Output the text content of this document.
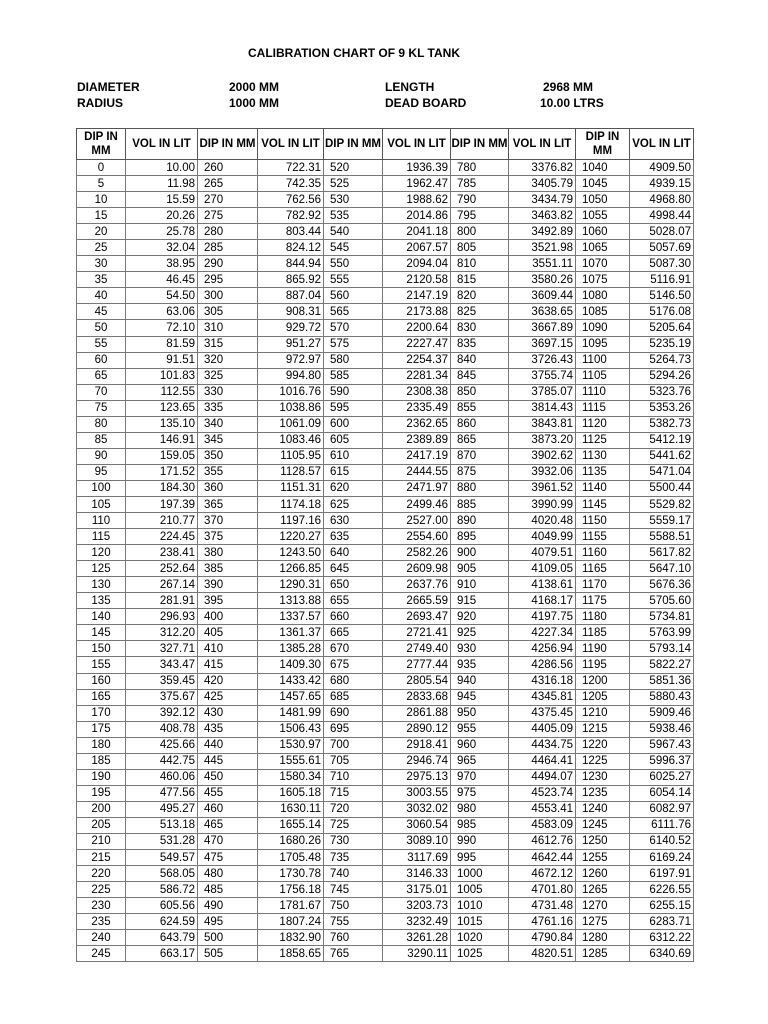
CALIBRATION CHART OF 9 KL TANK
DIAMETER	2000 MM	LENGTH	2968 MM
RADIUS	1000 MM	DEAD BOARD	10.00 LTRS
DIP IN MM	VOL IN LIT	DIP IN MM	VOL IN LIT	DIP IN MM	VOL IN LIT	DIP IN MM	VOL IN LIT	DIP IN MM	VOL IN LIT
0	10.00	260	722.31	520	1936.39	780	3376.82	1040	4909.50
5	11.98	265	742.35	525	1962.47	785	3405.79	1045	4939.15
10	15.59	270	762.56	530	1988.62	790	3434.79	1050	4968.80
15	20.26	275	782.92	535	2014.86	795	3463.82	1055	4998.44
20	25.78	280	803.44	540	2041.18	800	3492.89	1060	5028.07
25	32.04	285	824.12	545	2067.57	805	3521.98	1065	5057.69
30	38.95	290	844.94	550	2094.04	810	3551.11	1070	5087.30
35	46.45	295	865.92	555	2120.58	815	3580.26	1075	5116.91
40	54.50	300	887.04	560	2147.19	820	3609.44	1080	5146.50
45	63.06	305	908.31	565	2173.88	825	3638.65	1085	5176.08
50	72.10	310	929.72	570	2200.64	830	3667.89	1090	5205.64
55	81.59	315	951.27	575	2227.47	835	3697.15	1095	5235.19
60	91.51	320	972.97	580	2254.37	840	3726.43	1100	5264.73
65	101.83	325	994.80	585	2281.34	845	3755.74	1105	5294.26
70	112.55	330	1016.76	590	2308.38	850	3785.07	1110	5323.76
75	123.65	335	1038.86	595	2335.49	855	3814.43	1115	5353.26
80	135.10	340	1061.09	600	2362.65	860	3843.81	1120	5382.73
85	146.91	345	1083.46	605	2389.89	865	3873.20	1125	5412.19
90	159.05	350	1105.95	610	2417.19	870	3902.62	1130	5441.62
95	171.52	355	1128.57	615	2444.55	875	3932.06	1135	5471.04
100	184.30	360	1151.31	620	2471.97	880	3961.52	1140	5500.44
105	197.39	365	1174.18	625	2499.46	885	3990.99	1145	5529.82
110	210.77	370	1197.16	630	2527.00	890	4020.48	1150	5559.17
115	224.45	375	1220.27	635	2554.60	895	4049.99	1155	5588.51
120	238.41	380	1243.50	640	2582.26	900	4079.51	1160	5617.82
125	252.64	385	1266.85	645	2609.98	905	4109.05	1165	5647.10
130	267.14	390	1290.31	650	2637.76	910	4138.61	1170	5676.36
135	281.91	395	1313.88	655	2665.59	915	4168.17	1175	5705.60
140	296.93	400	1337.57	660	2693.47	920	4197.75	1180	5734.81
145	312.20	405	1361.37	665	2721.41	925	4227.34	1185	5763.99
150	327.71	410	1385.28	670	2749.40	930	4256.94	1190	5793.14
155	343.47	415	1409.30	675	2777.44	935	4286.56	1195	5822.27
160	359.45	420	1433.42	680	2805.54	940	4316.18	1200	5851.36
165	375.67	425	1457.65	685	2833.68	945	4345.81	1205	5880.43
170	392.12	430	1481.99	690	2861.88	950	4375.45	1210	5909.46
175	408.78	435	1506.43	695	2890.12	955	4405.09	1215	5938.46
180	425.66	440	1530.97	700	2918.41	960	4434.75	1220	5967.43
185	442.75	445	1555.61	705	2946.74	965	4464.41	1225	5996.37
190	460.06	450	1580.34	710	2975.13	970	4494.07	1230	6025.27
195	477.56	455	1605.18	715	3003.55	975	4523.74	1235	6054.14
200	495.27	460	1630.11	720	3032.02	980	4553.41	1240	6082.97
205	513.18	465	1655.14	725	3060.54	985	4583.09	1245	6111.76
210	531.28	470	1680.26	730	3089.10	990	4612.76	1250	6140.52
215	549.57	475	1705.48	735	3117.69	995	4642.44	1255	6169.24
220	568.05	480	1730.78	740	3146.33	1000	4672.12	1260	6197.91
225	586.72	485	1756.18	745	3175.01	1005	4701.80	1265	6226.55
230	605.56	490	1781.67	750	3203.73	1010	4731.48	1270	6255.15
235	624.59	495	1807.24	755	3232.49	1015	4761.16	1275	6283.71
240	643.79	500	1832.90	760	3261.28	1020	4790.84	1280	6312.22
245	663.17	505	1858.65	765	3290.11	1025	4820.51	1285	6340.69
